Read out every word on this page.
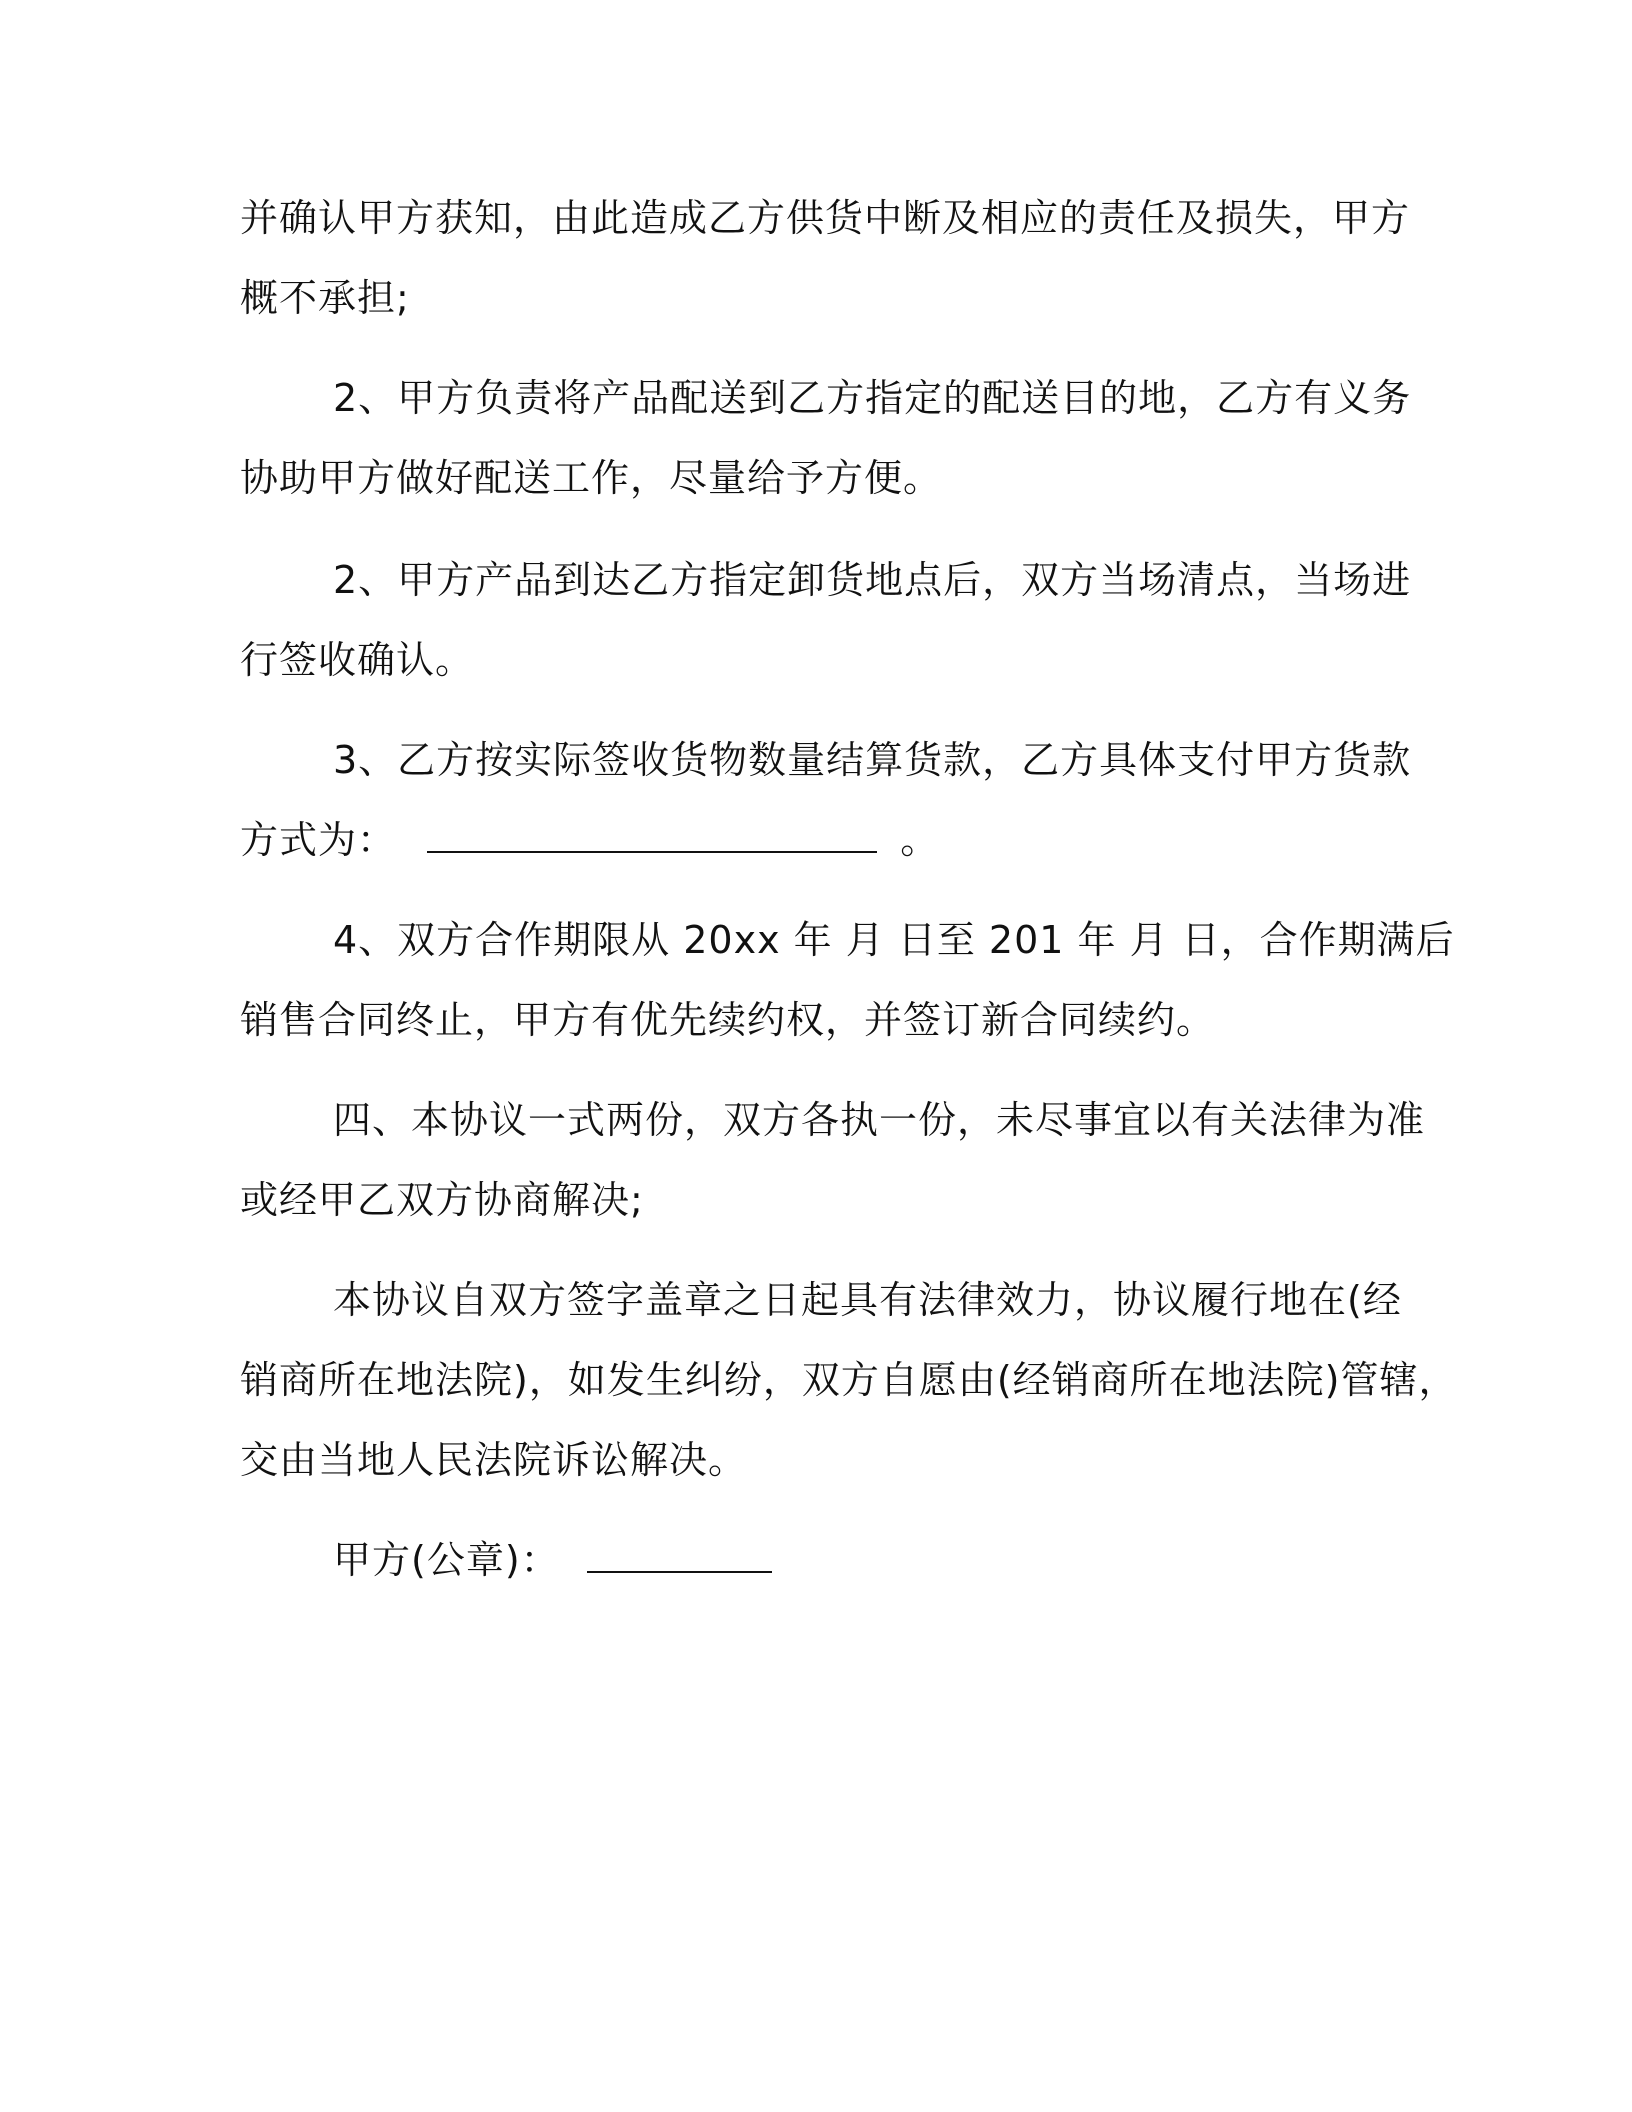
并确认甲方获知，由此造成乙方供货中断及相应的责任及损失，甲方
概不承担;

2、甲方负责将产品配送到乙方指定的配送目的地，乙方有义务
协助甲方做好配送工作，尽量给予方便。

2、甲方产品到达乙方指定卸货地点后，双方当场清点，当场进
行签收确认。

3、乙方按实际签收货物数量结算货款，乙方具体支付甲方货款
方式为：	。

4、双方合作期限从 20xx 年 月 日至 201 年 月 日，合作期满后
销售合同终止，甲方有优先续约权，并签订新合同续约。

四、本协议一式两份，双方各执一份，未尽事宜以有关法律为准
或经甲乙双方协商解决;

本协议自双方签字盖章之日起具有法律效力，协议履行地在(经
销商所在地法院)，如发生纠纷，双方自愿由(经销商所在地法院)管辖，
交由当地人民法院诉讼解决。

甲方(公章)：
